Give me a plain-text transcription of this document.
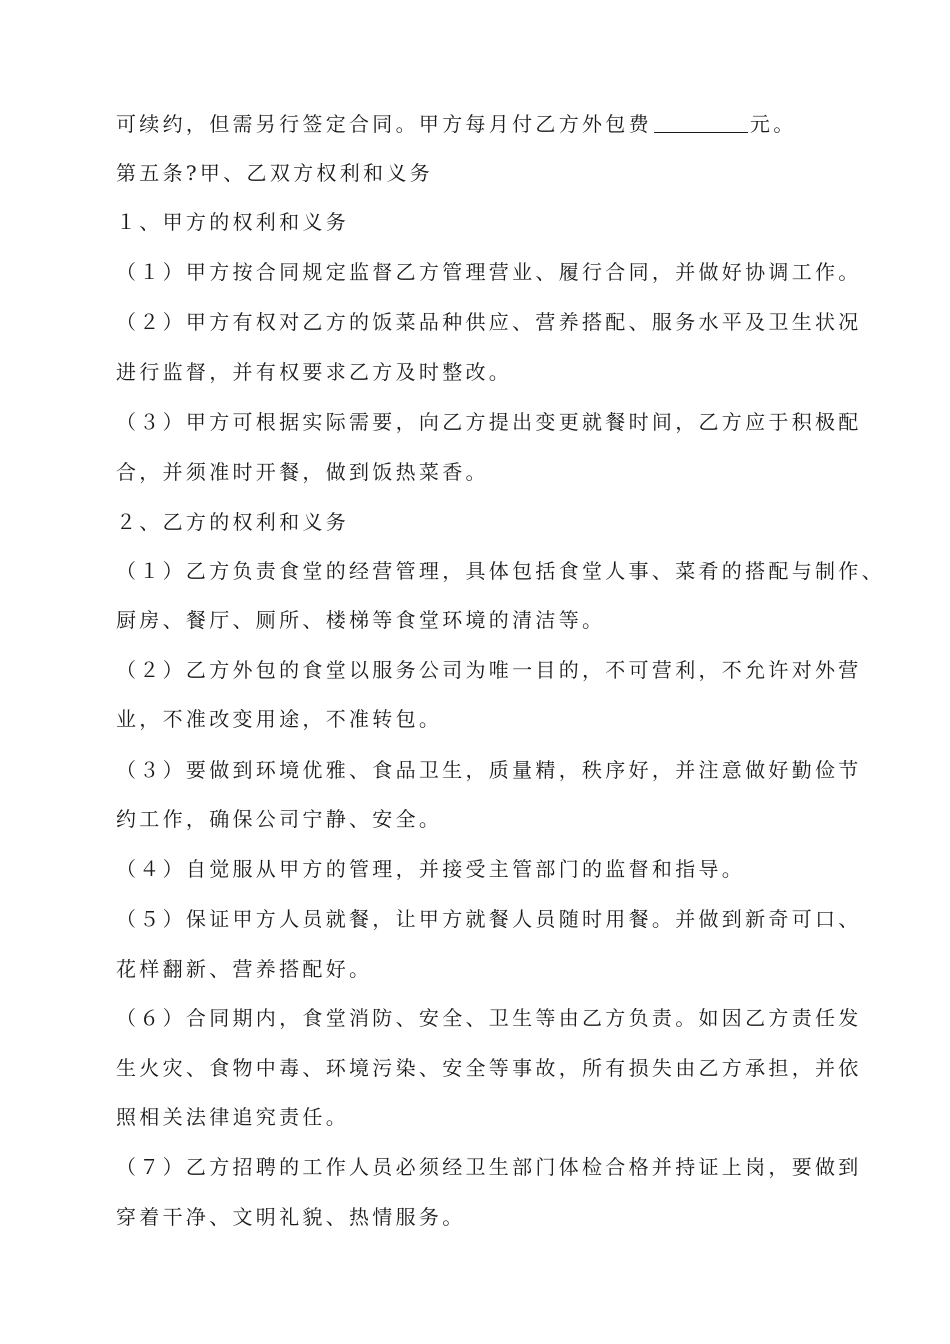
可续约，但需另行签定合同。甲方每月付乙方外包费	元。
第五条?甲、乙双方权利和义务
１、甲方的权利和义务
（１）甲方按合同规定监督乙方管理营业、履行合同，并做好协调工作。
（２）甲方有权对乙方的饭菜品种供应、营养搭配、服务水平及卫生状况
进行监督，并有权要求乙方及时整改。
（３）甲方可根据实际需要，向乙方提出变更就餐时间，乙方应于积极配
合，并须准时开餐，做到饭热菜香。
２、乙方的权利和义务
（１）乙方负责食堂的经营管理，具体包括食堂人事、菜肴的搭配与制作、
厨房、餐厅、厕所、楼梯等食堂环境的清洁等。
（２）乙方外包的食堂以服务公司为唯一目的，不可营利，不允许对外营
业，不准改变用途，不准转包。
（３）要做到环境优雅、食品卫生，质量精，秩序好，并注意做好勤俭节
约工作，确保公司宁静、安全。
（４）自觉服从甲方的管理，并接受主管部门的监督和指导。
（５）保证甲方人员就餐，让甲方就餐人员随时用餐。并做到新奇可口、
花样翻新、营养搭配好。
（６）合同期内，食堂消防、安全、卫生等由乙方负责。如因乙方责任发
生火灾、食物中毒、环境污染、安全等事故，所有损失由乙方承担，并依
照相关法律追究责任。
（７）乙方招聘的工作人员必须经卫生部门体检合格并持证上岗，要做到
穿着干净、文明礼貌、热情服务。
